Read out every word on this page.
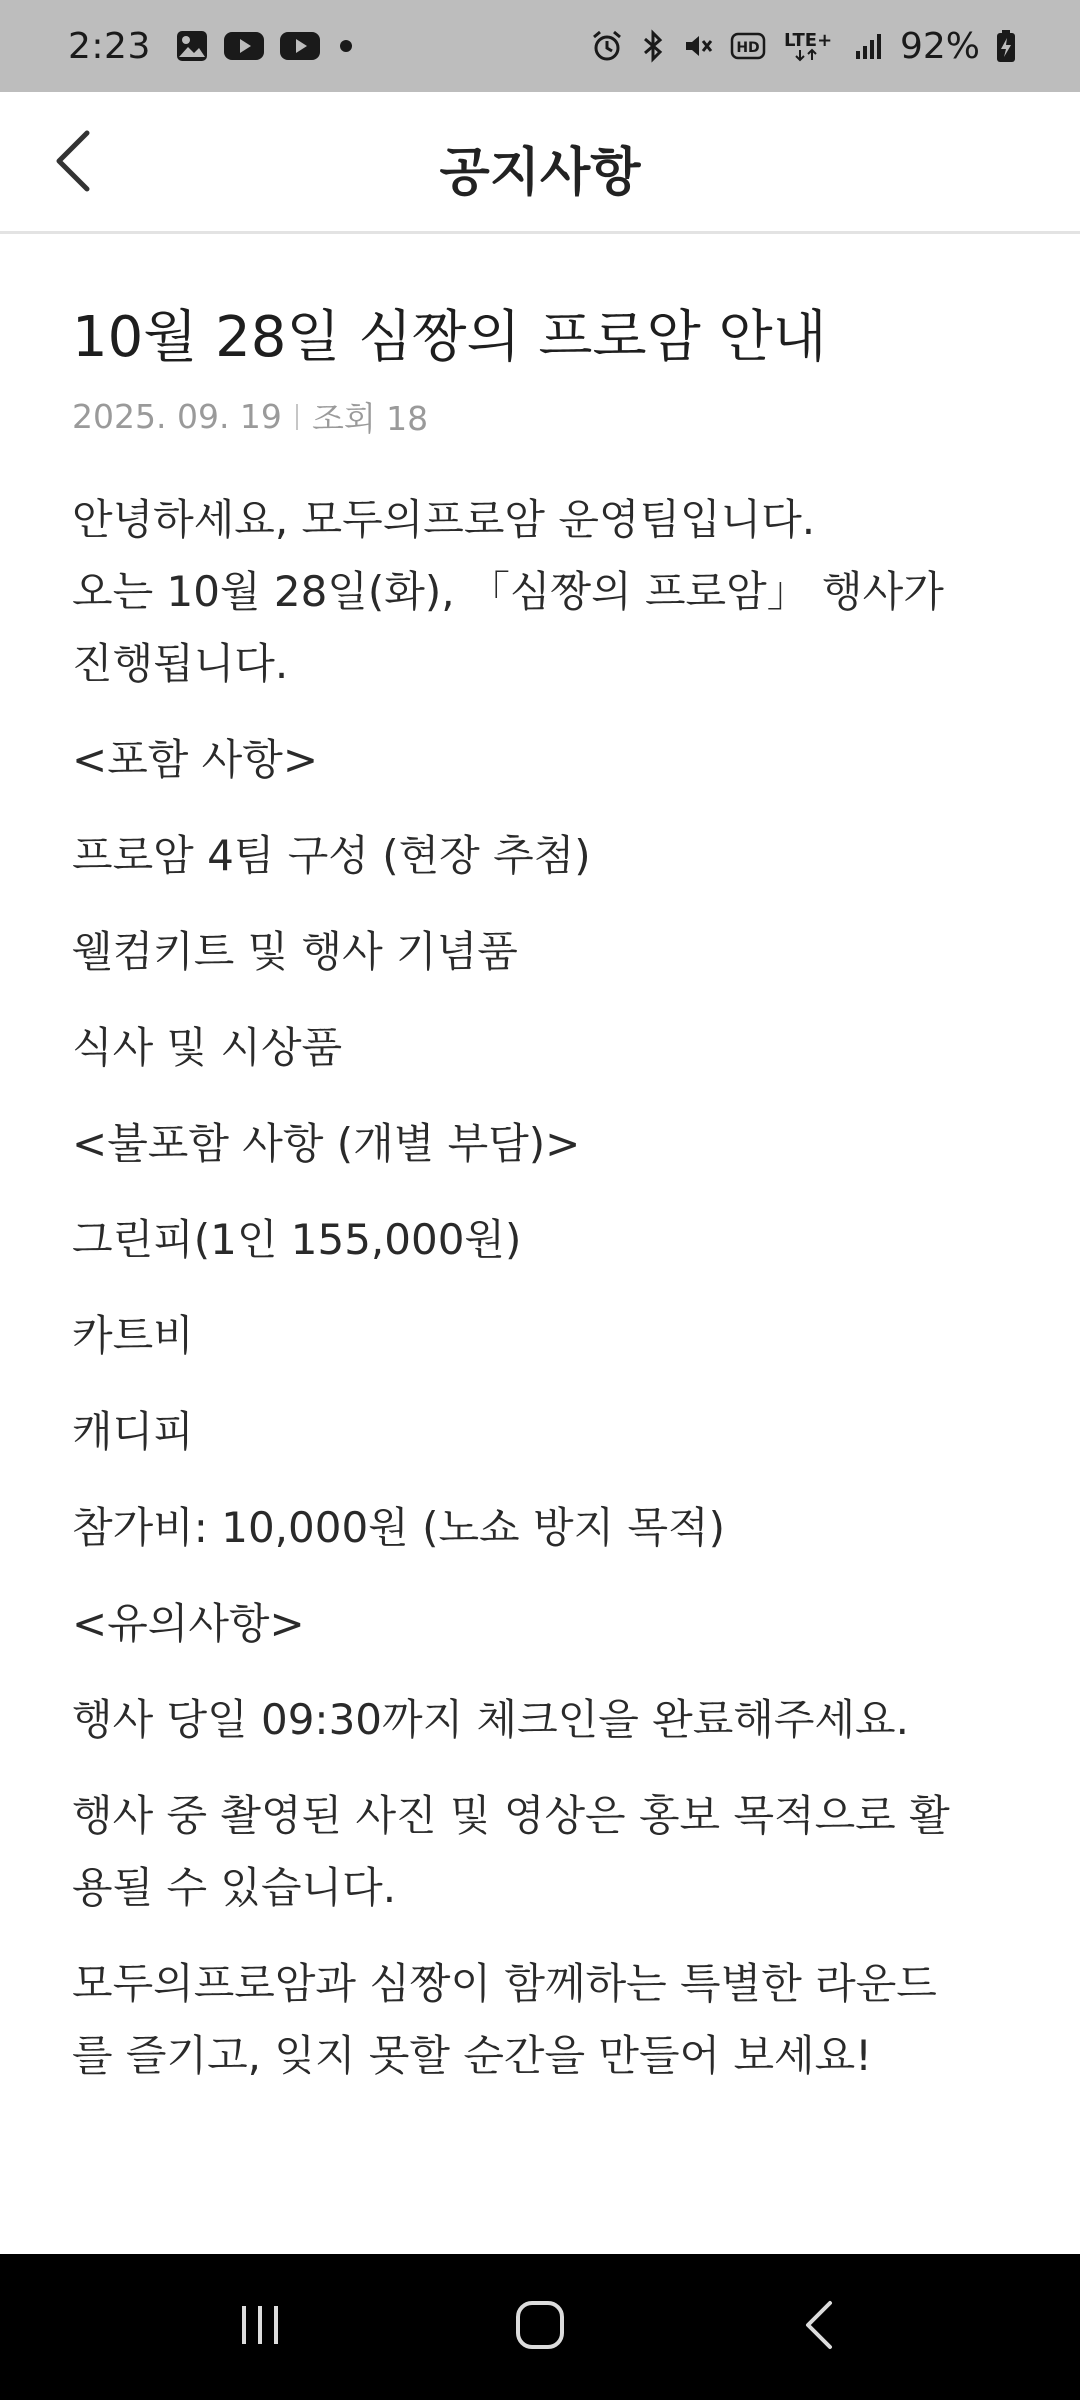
2:23	HD LTE+ 92%
공지사항
10월 28일 심짱의 프로암 안내
2025. 09. 19 조회 18

안녕하세요, 모두의프로암 운영팀입니다.
오는 10월 28일(화), 「심짱의 프로암」 행사가
진행됩니다.

<포함 사항>

프로암 4팀 구성 (현장 추첨)

웰컴키트 및 행사 기념품

식사 및 시상품

<불포함 사항 (개별 부담)>

그린피(1인 155,000원)

카트비

캐디피

참가비: 10,000원 (노쇼 방지 목적)

<유의사항>

행사 당일 09:30까지 체크인을 완료해주세요.

행사 중 촬영된 사진 및 영상은 홍보 목적으로 활
용될 수 있습니다.

모두의프로암과 심짱이 함께하는 특별한 라운드
를 즐기고, 잊지 못할 순간을 만들어 보세요!
